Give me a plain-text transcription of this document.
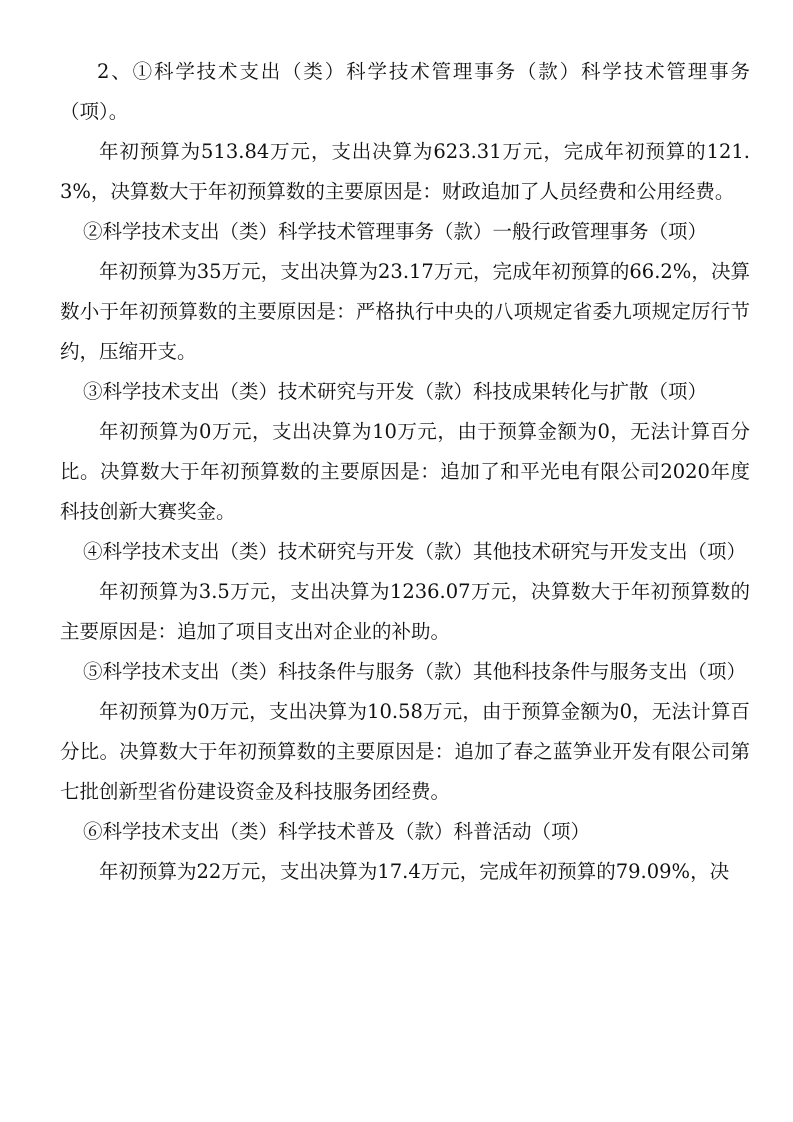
2、①科学技术支出（类）科学技术管理事务（款）科学技术管理事务（项）。

年初预算为513.84万元，支出决算为623.31万元，完成年初预算的121.3%，决算数大于年初预算数的主要原因是：财政追加了人员经费和公用经费。

②科学技术支出（类）科学技术管理事务（款）一般行政管理事务（项）

年初预算为35万元，支出决算为23.17万元，完成年初预算的66.2%，决算数小于年初预算数的主要原因是：严格执行中央的八项规定省委九项规定厉行节约，压缩开支。

③科学技术支出（类）技术研究与开发（款）科技成果转化与扩散（项）

年初预算为0万元，支出决算为10万元，由于预算金额为0，无法计算百分比。决算数大于年初预算数的主要原因是：追加了和平光电有限公司2020年度科技创新大赛奖金。

④科学技术支出（类）技术研究与开发（款）其他技术研究与开发支出（项）

年初预算为3.5万元，支出决算为1236.07万元，决算数大于年初预算数的主要原因是：追加了项目支出对企业的补助。

⑤科学技术支出（类）科技条件与服务（款）其他科技条件与服务支出（项）

年初预算为0万元，支出决算为10.58万元，由于预算金额为0，无法计算百分比。决算数大于年初预算数的主要原因是：追加了春之蓝笋业开发有限公司第七批创新型省份建设资金及科技服务团经费。

⑥科学技术支出（类）科学技术普及（款）科普活动（项）

年初预算为22万元，支出决算为17.4万元，完成年初预算的79.09%，决
